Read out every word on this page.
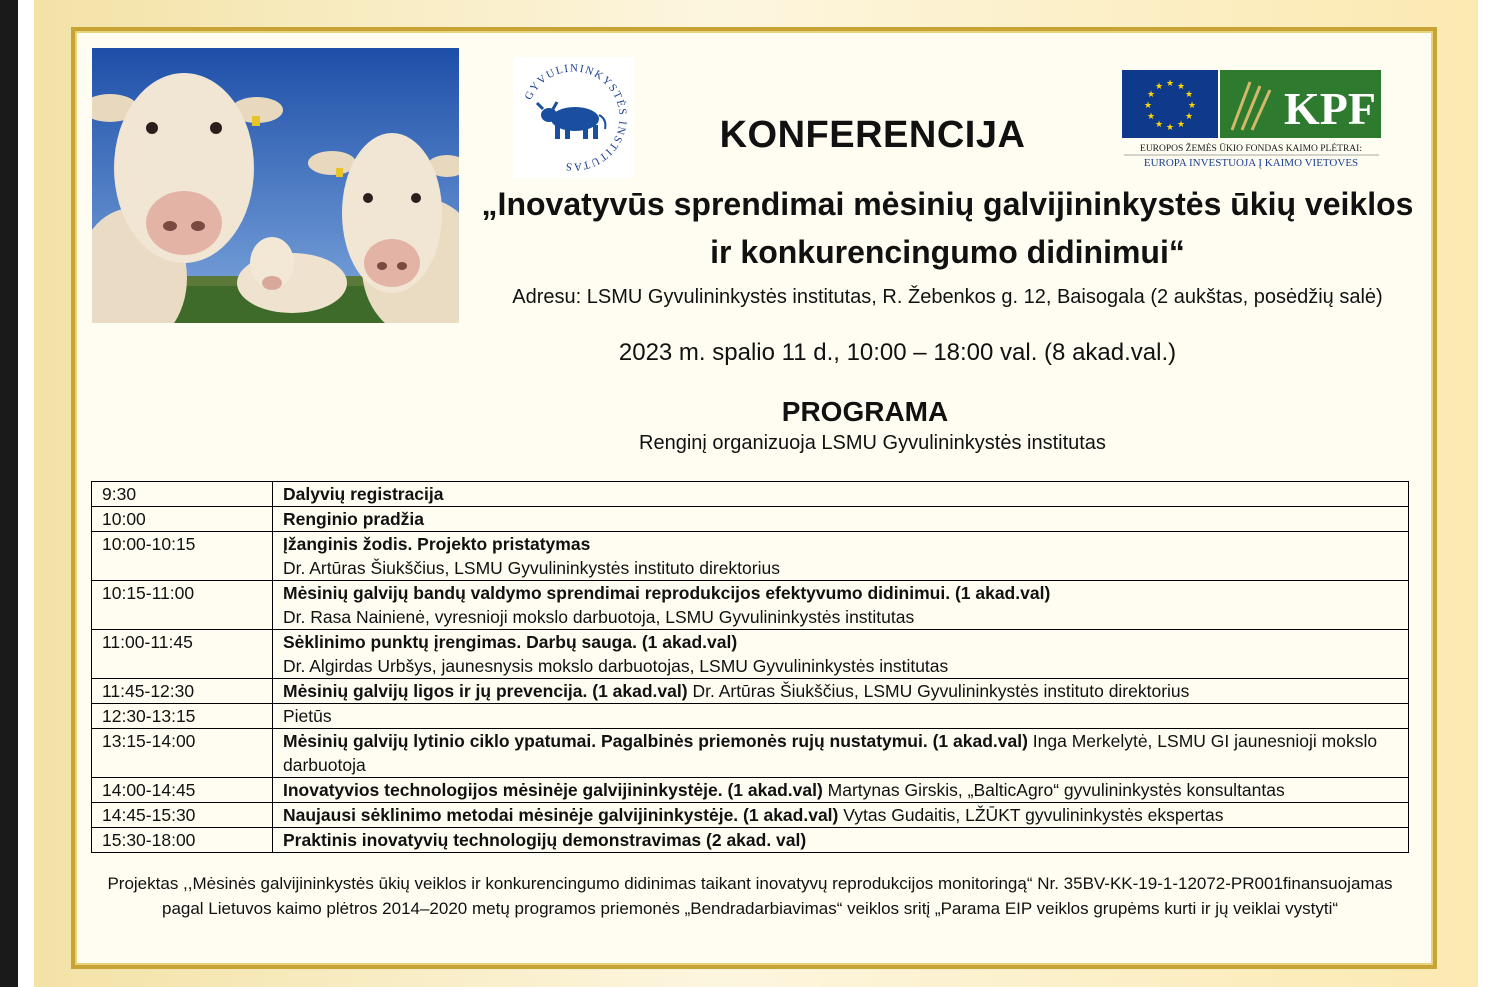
GYVULININKYSTĖS INSTITUTAS
★ ★
★
★
★
★
★
★
★
★
★
★	KPF
EUROPOS ŽEMĖS ŪKIO FONDAS KAIMO PLĖTRAI:
EUROPA INVESTUOJA Į KAIMO VIETOVES
KONFERENCIJA
„Inovatyvūs sprendimai mėsinių galvijininkystės ūkių veiklos ir konkurencingumo didinimui“
Adresu: LSMU Gyvulininkystės institutas, R. Žebenkos g. 12, Baisogala (2 aukštas, posėdžių salė)
2023 m. spalio 11 d., 10:00 – 18:00 val. (8 akad.val.)
PROGRAMA
Renginį organizuoja LSMU Gyvulininkystės institutas
9:30	Dalyvių registracija
10:00	Renginio pradžia
10:00-10:15	Įžanginis žodis. Projekto pristatymas
Dr. Artūras Šiukščius, LSMU Gyvulininkystės instituto direktorius

10:15-11:00	Mėsinių galvijų bandų valdymo sprendimai reprodukcijos efektyvumo didinimui. (1 akad.val)
Dr. Rasa Nainienė, vyresnioji mokslo darbuotoja, LSMU Gyvulininkystės institutas

11:00-11:45	Sėklinimo punktų įrengimas. Darbų sauga. (1 akad.val)
Dr. Algirdas Urbšys, jaunesnysis mokslo darbuotojas, LSMU Gyvulininkystės institutas

11:45-12:30	Mėsinių galvijų ligos ir jų prevencija. (1 akad.val) Dr. Artūras Šiukščius, LSMU Gyvulininkystės instituto direktorius
12:30-13:15	Pietūs
13:15-14:00	Mėsinių galvijų lytinio ciklo ypatumai. Pagalbinės priemonės rujų nustatymui. (1 akad.val) Inga Merkelytė, LSMU GI jaunesnioji mokslo darbuotoja
14:00-14:45	Inovatyvios technologijos mėsinėje galvijininkystėje. (1 akad.val) Martynas Girskis, „BalticAgro“ gyvulininkystės konsultantas
14:45-15:30	Naujausi sėklinimo metodai mėsinėje galvijininkystėje. (1 akad.val) Vytas Gudaitis, LŽŪKT gyvulininkystės ekspertas
15:30-18:00	Praktinis inovatyvių technologijų demonstravimas (2 akad. val)
Projektas ,,Mėsinės galvijininkystės ūkių veiklos ir konkurencingumo didinimas taikant inovatyvų reprodukcijos monitoringą“ Nr. 35BV-KK-19-1-12072-PR001finansuojamas
pagal Lietuvos kaimo plėtros 2014–2020 metų programos priemonės „Bendradarbiavimas“ veiklos sritį „Parama EIP veiklos grupėms kurti ir jų veiklai vystyti“
